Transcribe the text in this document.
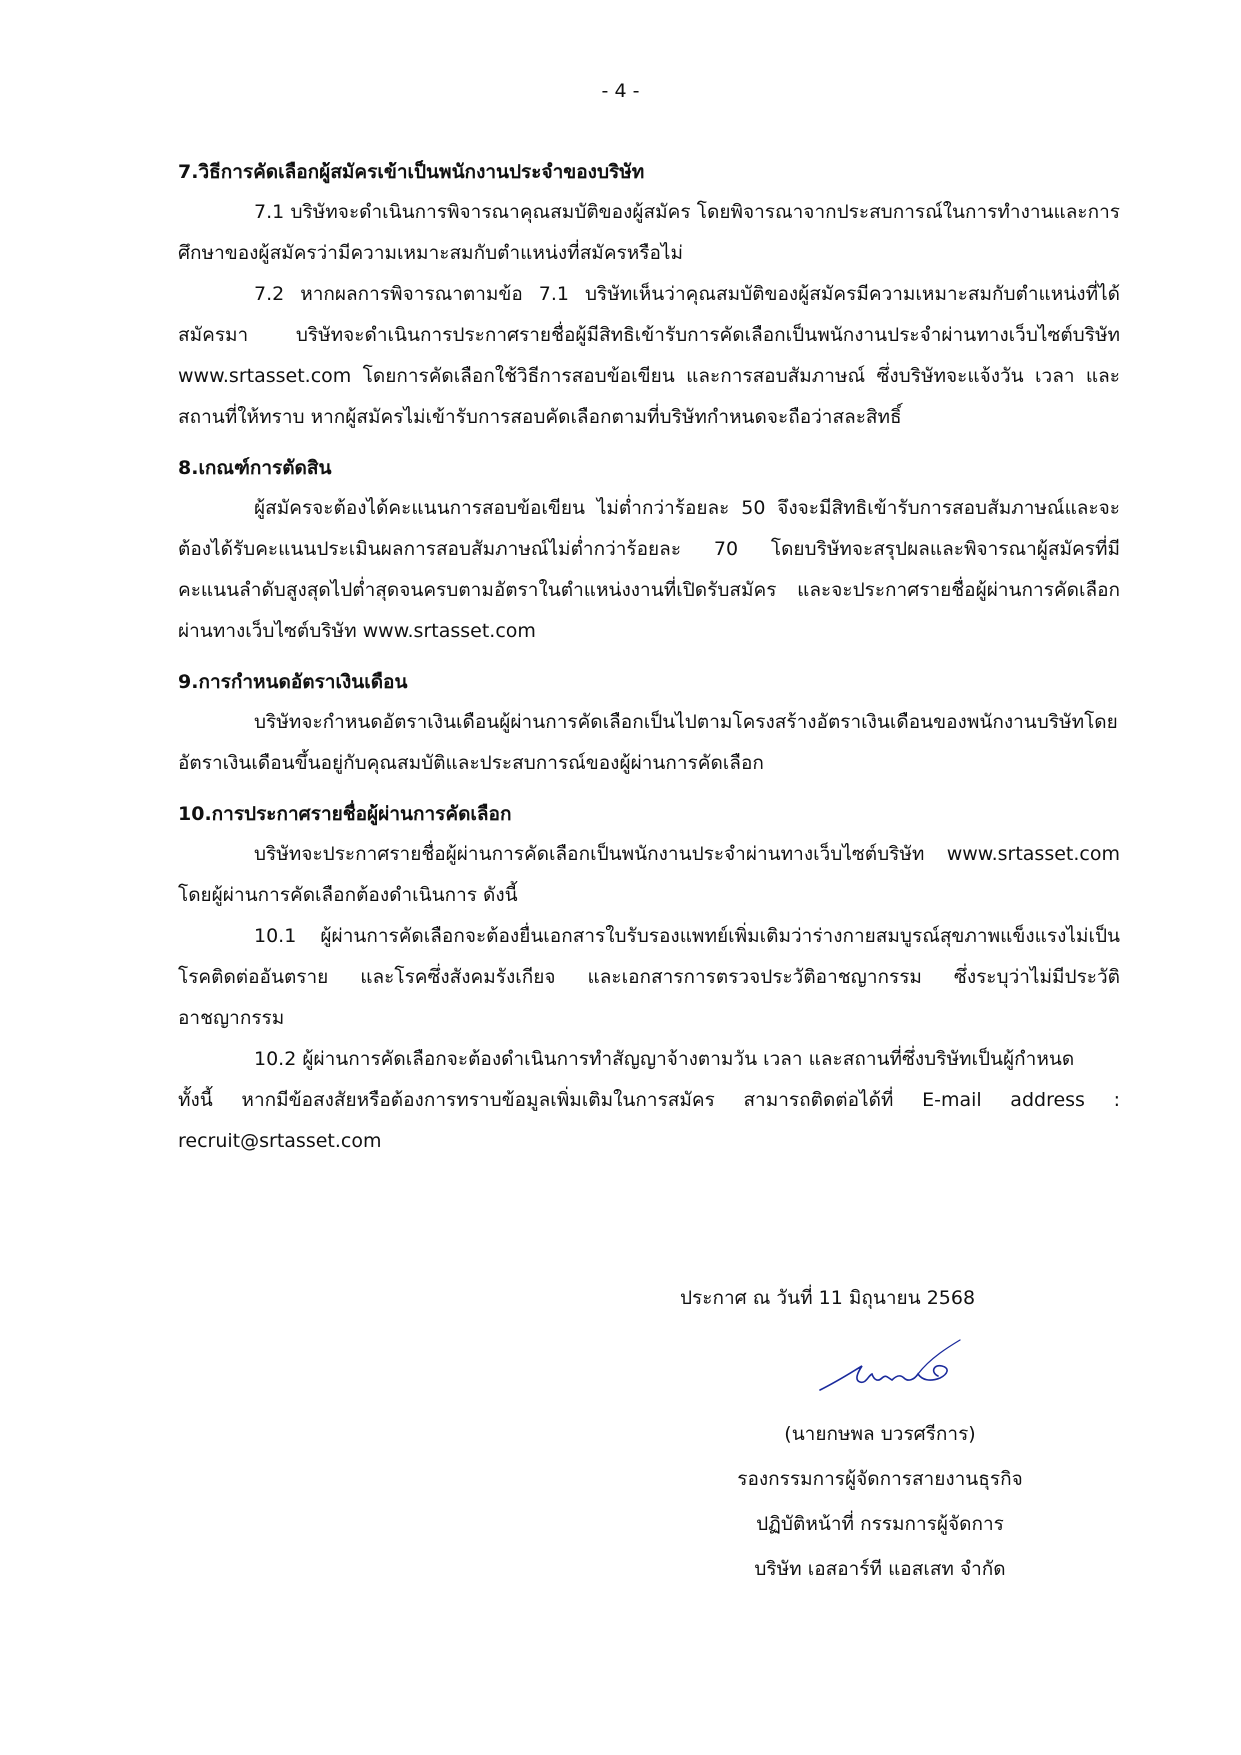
- 4 -
7.วิธีการคัดเลือกผู้สมัครเข้าเป็นพนักงานประจำของบริษัท

7.1 บริษัทจะดำเนินการพิจารณาคุณสมบัติของผู้สมัคร โดยพิจารณาจากประสบการณ์ในการทำงานและการศึกษาของผู้สมัครว่ามีความเหมาะสมกับตำแหน่งที่สมัครหรือไม่

7.2 หากผลการพิจารณาตามข้อ 7.1 บริษัทเห็นว่าคุณสมบัติของผู้สมัครมีความเหมาะสมกับตำแหน่งที่ได้สมัครมา บริษัทจะดำเนินการประกาศรายชื่อผู้มีสิทธิเข้ารับการคัดเลือกเป็นพนักงานประจำผ่านทางเว็บไซต์บริษัท www.srtasset.com โดยการคัดเลือกใช้วิธีการสอบข้อเขียน และการสอบสัมภาษณ์ ซึ่งบริษัทจะแจ้งวัน เวลา และสถานที่ให้ทราบ หากผู้สมัครไม่เข้ารับการสอบคัดเลือกตามที่บริษัทกำหนดจะถือว่าสละสิทธิ์

8.เกณฑ์การตัดสิน

ผู้สมัครจะต้องได้คะแนนการสอบข้อเขียน ไม่ต่ำกว่าร้อยละ 50 จึงจะมีสิทธิเข้ารับการสอบสัมภาษณ์และจะต้องได้รับคะแนนประเมินผลการสอบสัมภาษณ์ไม่ต่ำกว่าร้อยละ 70 โดยบริษัทจะสรุปผลและพิจารณาผู้สมัครที่มีคะแนนลำดับสูงสุดไปต่ำสุดจนครบตามอัตราในตำแหน่งงานที่เปิดรับสมัคร และจะประกาศรายชื่อผู้ผ่านการคัดเลือกผ่านทางเว็บไซต์บริษัท www.srtasset.com

9.การกำหนดอัตราเงินเดือน

บริษัทจะกำหนดอัตราเงินเดือนผู้ผ่านการคัดเลือกเป็นไปตามโครงสร้างอัตราเงินเดือนของพนักงานบริษัทโดยอัตราเงินเดือนขึ้นอยู่กับคุณสมบัติและประสบการณ์ของผู้ผ่านการคัดเลือก

10.การประกาศรายชื่อผู้ผ่านการคัดเลือก

บริษัทจะประกาศรายชื่อผู้ผ่านการคัดเลือกเป็นพนักงานประจำผ่านทางเว็บไซต์บริษัท www.srtasset.com โดยผู้ผ่านการคัดเลือกต้องดำเนินการ ดังนี้

10.1 ผู้ผ่านการคัดเลือกจะต้องยื่นเอกสารใบรับรองแพทย์เพิ่มเติมว่าร่างกายสมบูรณ์สุขภาพแข็งแรงไม่เป็นโรคติดต่ออันตราย และโรคซึ่งสังคมรังเกียจ และเอกสารการตรวจประวัติอาชญากรรม ซึ่งระบุว่าไม่มีประวัติอาชญากรรม

10.2 ผู้ผ่านการคัดเลือกจะต้องดำเนินการทำสัญญาจ้างตามวัน เวลา และสถานที่ซึ่งบริษัทเป็นผู้กำหนด

ทั้งนี้ หากมีข้อสงสัยหรือต้องการทราบข้อมูลเพิ่มเติมในการสมัคร สามารถติดต่อได้ที่ E-mail address : recruit@srtasset.com

ประกาศ ณ วันที่ 11 มิถุนายน 2568
(นายกษพล บวรศรีการ)
รองกรรมการผู้จัดการสายงานธุรกิจ
ปฏิบัติหน้าที่ กรรมการผู้จัดการ
บริษัท เอสอาร์ที แอสเสท จำกัด
